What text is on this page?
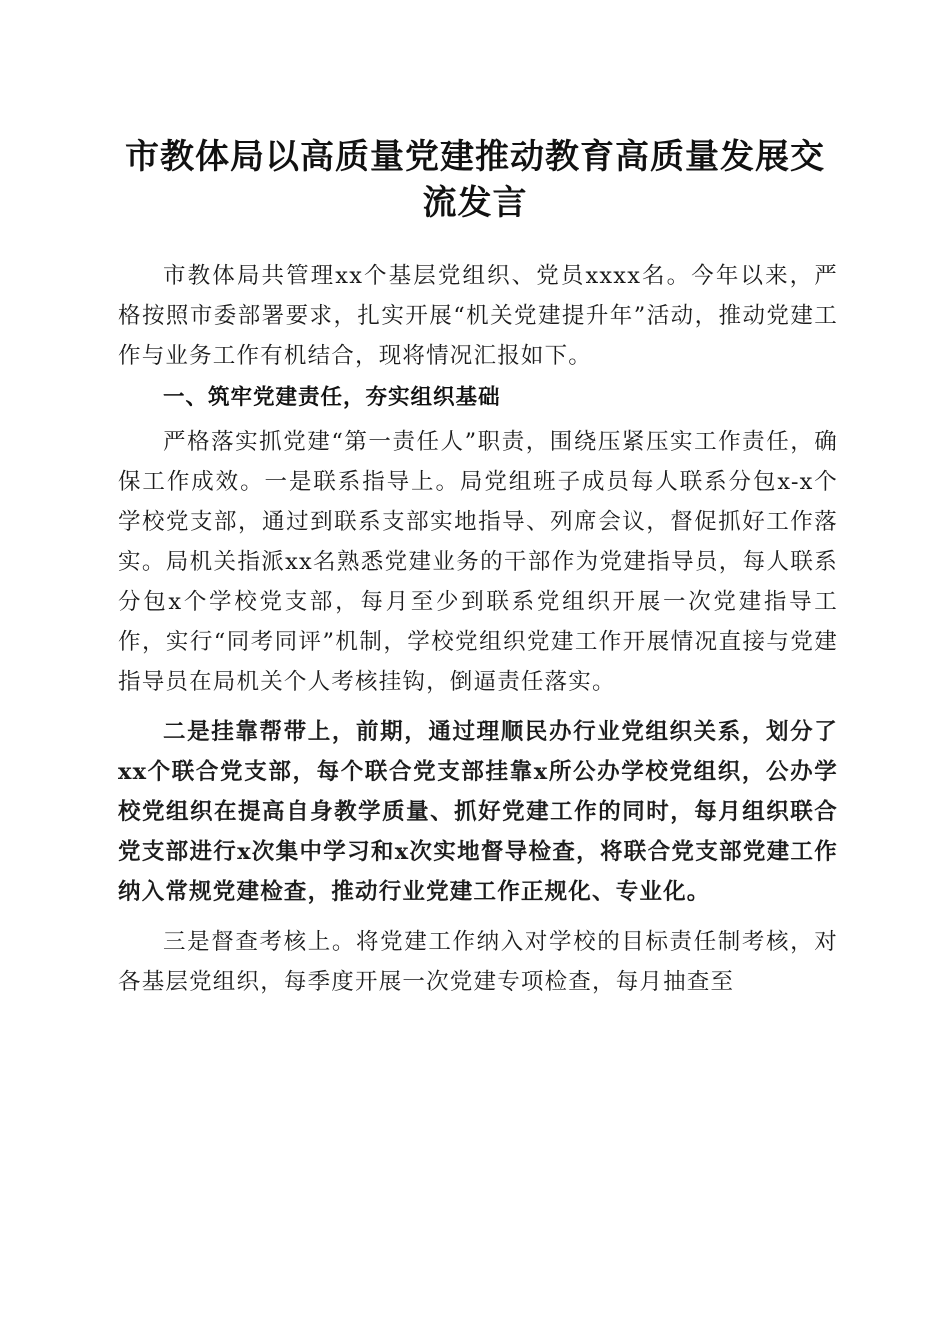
市教体局以高质量党建推动教育高质量发展交流发言

市教体局共管理xx个基层党组织、党员xxxx名。今年以来，严格按照市委部署要求，扎实开展“机关党建提升年”活动，推动党建工作与业务工作有机结合，现将情况汇报如下。

一、筑牢党建责任，夯实组织基础

严格落实抓党建“第一责任人”职责，围绕压紧压实工作责任，确保工作成效。一是联系指导上。局党组班子成员每人联系分包x-x个学校党支部，通过到联系支部实地指导、列席会议，督促抓好工作落实。局机关指派xx名熟悉党建业务的干部作为党建指导员，每人联系分包x个学校党支部，每月至少到联系党组织开展一次党建指导工作，实行“同考同评”机制，学校党组织党建工作开展情况直接与党建指导员在局机关个人考核挂钩，倒逼责任落实。

二是挂靠帮带上，前期，通过理顺民办行业党组织关系，划分了xx个联合党支部，每个联合党支部挂靠x所公办学校党组织，公办学校党组织在提高自身教学质量、抓好党建工作的同时，每月组织联合党支部进行x次集中学习和x次实地督导检查，将联合党支部党建工作纳入常规党建检查，推动行业党建工作正规化、专业化。

三是督查考核上。将党建工作纳入对学校的目标责任制考核，对各基层党组织，每季度开展一次党建专项检查，每月抽查至
